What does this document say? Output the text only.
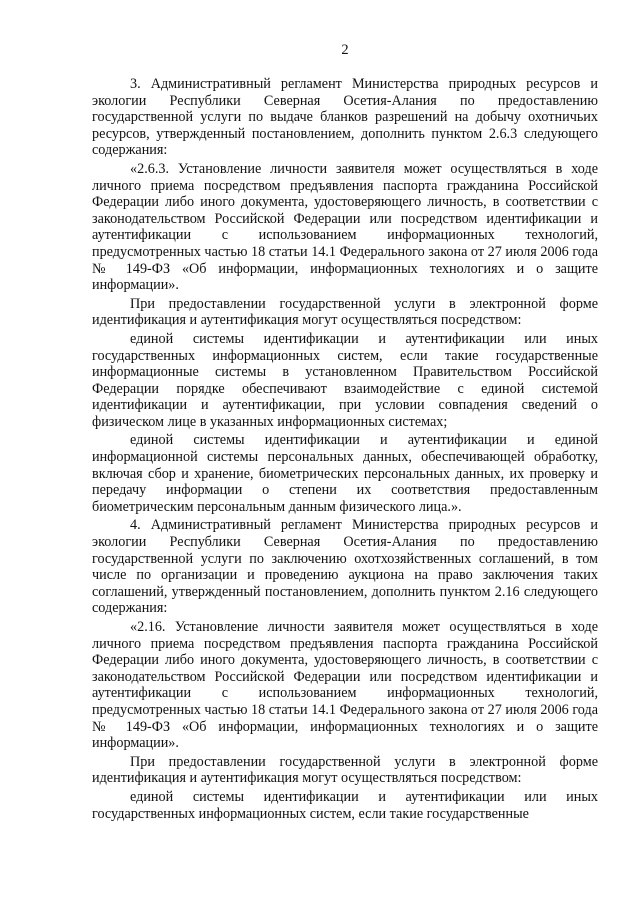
2

3. Административный регламент Министерства природных ресурсов и экологии Республики Северная Осетия-Алания по предоставлению государственной услуги по выдаче бланков разрешений на добычу охотничьих ресурсов, утвержденный постановлением, дополнить пунктом 2.6.3 следующего содержания:

«2.6.3. Установление личности заявителя может осуществляться в ходе личного приема посредством предъявления паспорта гражданина Российской Федерации либо иного документа, удостоверяющего личность, в соответствии с законодательством Российской Федерации или посредством идентификации и аутентификации с использованием информационных технологий, предусмотренных частью 18 статьи 14.1 Федерального закона от 27 июля 2006 года № 149-ФЗ «Об информации, информационных технологиях и о защите информации».

При предоставлении государственной услуги в электронной форме идентификация и аутентификация могут осуществляться посредством:

единой системы идентификации и аутентификации или иных государственных информационных систем, если такие государственные информационные системы в установленном Правительством Российской Федерации порядке обеспечивают взаимодействие с единой системой идентификации и аутентификации, при условии совпадения сведений о физическом лице в указанных информационных системах;

единой системы идентификации и аутентификации и единой информационной системы персональных данных, обеспечивающей обработку, включая сбор и хранение, биометрических персональных данных, их проверку и передачу информации о степени их соответствия предоставленным биометрическим персональным данным физического лица.».

4. Административный регламент Министерства природных ресурсов и экологии Республики Северная Осетия-Алания по предоставлению государственной услуги по заключению охотхозяйственных соглашений, в том числе по организации и проведению аукциона на право заключения таких соглашений, утвержденный постановлением, дополнить пунктом 2.16 следующего содержания:

«2.16. Установление личности заявителя может осуществляться в ходе личного приема посредством предъявления паспорта гражданина Российской Федерации либо иного документа, удостоверяющего личность, в соответствии с законодательством Российской Федерации или посредством идентификации и аутентификации с использованием информационных технологий, предусмотренных частью 18 статьи 14.1 Федерального закона от 27 июля 2006 года № 149-ФЗ «Об информации, информационных технологиях и о защите информации».

При предоставлении государственной услуги в электронной форме идентификация и аутентификация могут осуществляться посредством:

единой системы идентификации и аутентификации или иных государственных информационных систем, если такие государственные
